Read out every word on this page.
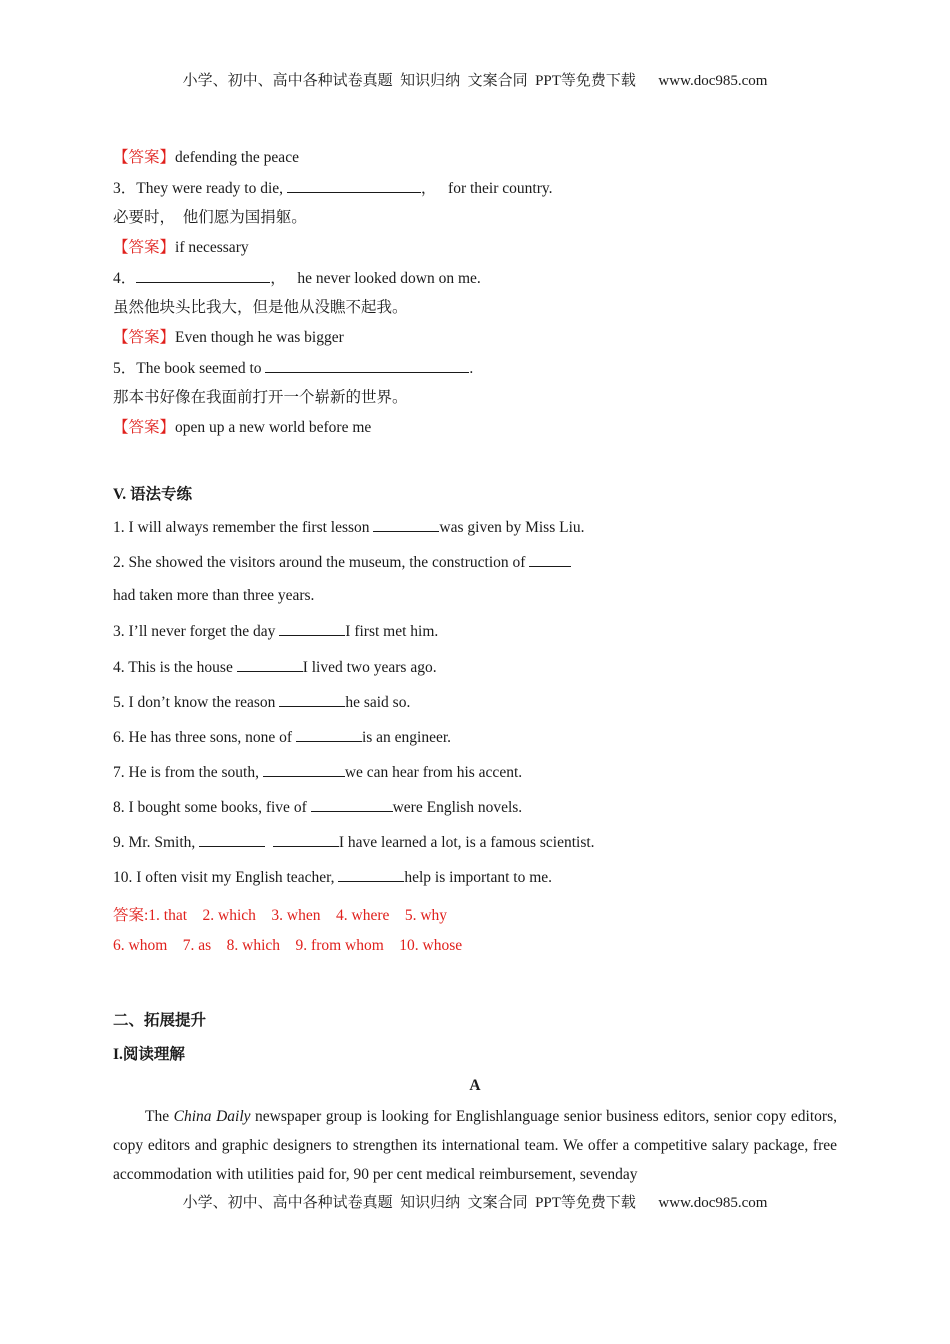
小学、初中、高中各种试卷真题  知识归纳  文案合同  PPT等免费下载 www.doc985.com
【答案】defending the peace
3．They were ready to die,	， for their country.
必要时，  他们愿为国捐躯。
【答案】if necessary
4．	， he never looked down on me.
虽然他块头比我大，但是他从没瞧不起我。
【答案】Even though he was bigger
5．The book seemed to	.
那本书好像在我面前打开一个崭新的世界。
【答案】open up a new world before me
V. 语法专练
1. I will always remember the first lesson	was given by Miss Liu.
2. She showed the visitors around the museum, the construction of
had taken more than three years.
3. I’ll never forget the day	I first met him.
4. This is the house	I lived two years ago.
5. I don’t know the reason	he said so.
6. He has three sons, none of	is an engineer.
7. He is from the south,	we can hear from his accent.
8. I bought some books, five of	were English novels.
9. Mr. Smith,	I have learned a lot, is a famous scientist.
10. I often visit my English teacher,	help is important to me.
答案:1. that    2. which    3. when    4. where    5. why
6. whom    7. as    8. which    9. from whom    10. whose
二、拓展提升
I.阅读理解
A
The China Daily newspaper group is looking for Englishlanguage senior business editors, senior copy editors, copy editors and graphic designers to strengthen its international team. We offer a competitive salary package, free accommodation with utilities paid for, 90 per cent medical reimbursement, sevenday
小学、初中、高中各种试卷真题  知识归纳  文案合同  PPT等免费下载 www.doc985.com
